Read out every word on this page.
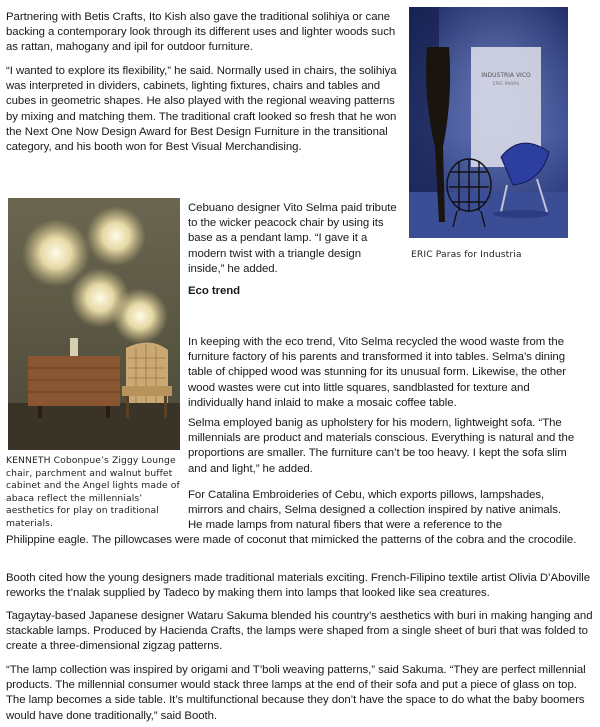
Partnering with Betis Crafts, Ito Kish also gave the traditional solihiya or cane backing a contemporary look through its different uses and lighter woods such as rattan, mahogany and ipil for outdoor furniture.

“I wanted to explore its flexibility,” he said. Normally used in chairs, the solihiya was interpreted in dividers, cabinets, lighting fixtures, chairs and tables and cubes in geometric shapes. He also played with the regional weaving patterns by mixing and matching them. The traditional craft looked so fresh that he won the Next One Now Design Award for Best Design Furniture in the transitional category, and his booth won for Best Visual Merchandising.

INDUSTRIA VICO
ERIC PARAS
ERIC Paras for Industria
KENNETH Cobonpue’s Ziggy Lounge chair, parchment and walnut buffet cabinet and the Angel lights made of abaca reflect the millennials’ aesthetics for play on traditional materials.

Cebuano designer Vito Selma paid tribute to the wicker peacock chair by using its base as a pendant lamp. “I gave it a modern twist with a triangle design inside,” he added.

Eco trend

In keeping with the eco trend, Vito Selma recycled the wood waste from the furniture factory of his parents and transformed it into tables. Selma’s dining table of chipped wood was stunning for its unusual form. Likewise, the other wood wastes were cut into little squares, sandblasted for texture and individually hand inlaid to make a mosaic coffee table.

Selma employed banig as upholstery for his modern, lightweight sofa. “The millennials are product and materials conscious. Everything is natural and the proportions are smaller. The furniture can’t be too heavy. I kept the sofa slim and and light,” he added.

For Catalina Embroideries of Cebu, which exports pillows, lampshades, mirrors and chairs, Selma designed a collection inspired by native animals. He made lamps from natural fibers that were a reference to the

Philippine eagle. The pillowcases were made of coconut that mimicked the patterns of the cobra and the crocodile.

Booth cited how the young designers made traditional materials exciting. French-Filipino textile artist Olivia D’Aboville reworks the t’nalak supplied by Tadeco by making them into lamps that looked like sea creatures.

Tagaytay-based Japanese designer Wataru Sakuma blended his country’s aesthetics with buri in making hanging and stackable lamps. Produced by Hacienda Crafts, the lamps were shaped from a single sheet of buri that was folded to create a three-dimensional zigzag patterns.

“The lamp collection was inspired by origami and T’boli weaving patterns,” said Sakuma. “They are perfect millennial products. The millennial consumer would stack three lamps at the end of their sofa and put a piece of glass on top. The lamp becomes a side table. It’s multifunctional because they don’t have the space to do what the baby boomers would have done traditionally,” said Booth.
